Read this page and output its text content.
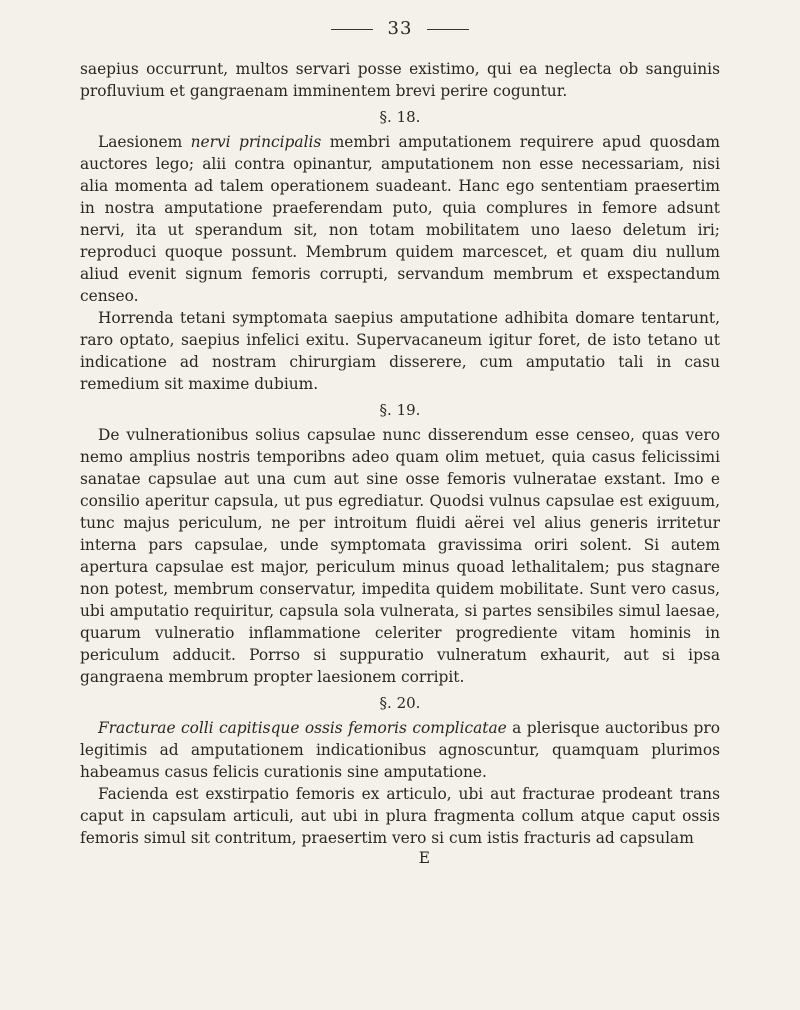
33

saepius occurrunt, multos servari posse existimo, qui ea neglecta ob sanguinis profluvium et gangraenam imminentem brevi perire coguntur.

§. 18.

Laesionem nervi principalis membri amputationem requirere apud quosdam auctores lego; alii contra opinantur, amputationem non esse necessariam, nisi alia momenta ad talem operationem suadeant. Hanc ego sententiam praesertim in nostra amputatione praeferendam puto, quia complures in femore adsunt nervi, ita ut sperandum sit, non totam mobilitatem uno laeso deletum iri; reproduci quoque possunt. Membrum quidem marcescet, et quam diu nullum aliud evenit signum femoris corrupti, servandum membrum et exspectandum censeo.

Horrenda tetani symptomata saepius amputatione adhibita domare tentarunt, raro optato, saepius infelici exitu. Supervacaneum igitur foret, de isto tetano ut indicatione ad nostram chirurgiam disserere, cum amputatio tali in casu remedium sit maxime dubium.

§. 19.

De vulnerationibus solius capsulae nunc disserendum esse censeo, quas vero nemo amplius nostris temporibns adeo quam olim metuet, quia casus felicissimi sanatae capsulae aut una cum aut sine osse femoris vulneratae exstant. Imo e consilio aperitur capsula, ut pus egrediatur. Quodsi vulnus capsulae est exiguum, tunc majus periculum, ne per introitum fluidi aërei vel alius generis irritetur interna pars capsulae, unde symptomata gravissima oriri solent. Si autem apertura capsulae est major, periculum minus quoad lethalitalem; pus stagnare non potest, membrum conservatur, impedita quidem mobilitate. Sunt vero casus, ubi amputatio requiritur, capsula sola vulnerata, si partes sensibiles simul laesae, quarum vulneratio inflammatione celeriter progrediente vitam hominis in periculum adducit. Porrso si suppuratio vulneratum exhaurit, aut si ipsa gangraena membrum propter laesionem corripit.

§. 20.

Fracturae colli capitisque ossis femoris complicatae a plerisque auctoribus pro legitimis ad amputationem indicationibus agnoscuntur, quamquam plurimos habeamus casus felicis curationis sine amputatione.

Facienda est exstirpatio femoris ex articulo, ubi aut fracturae prodeant trans caput in capsulam articuli, aut ubi in plura fragmenta collum atque caput ossis femoris simul sit contritum, praesertim vero si cum istis fracturis ad capsulam

E
